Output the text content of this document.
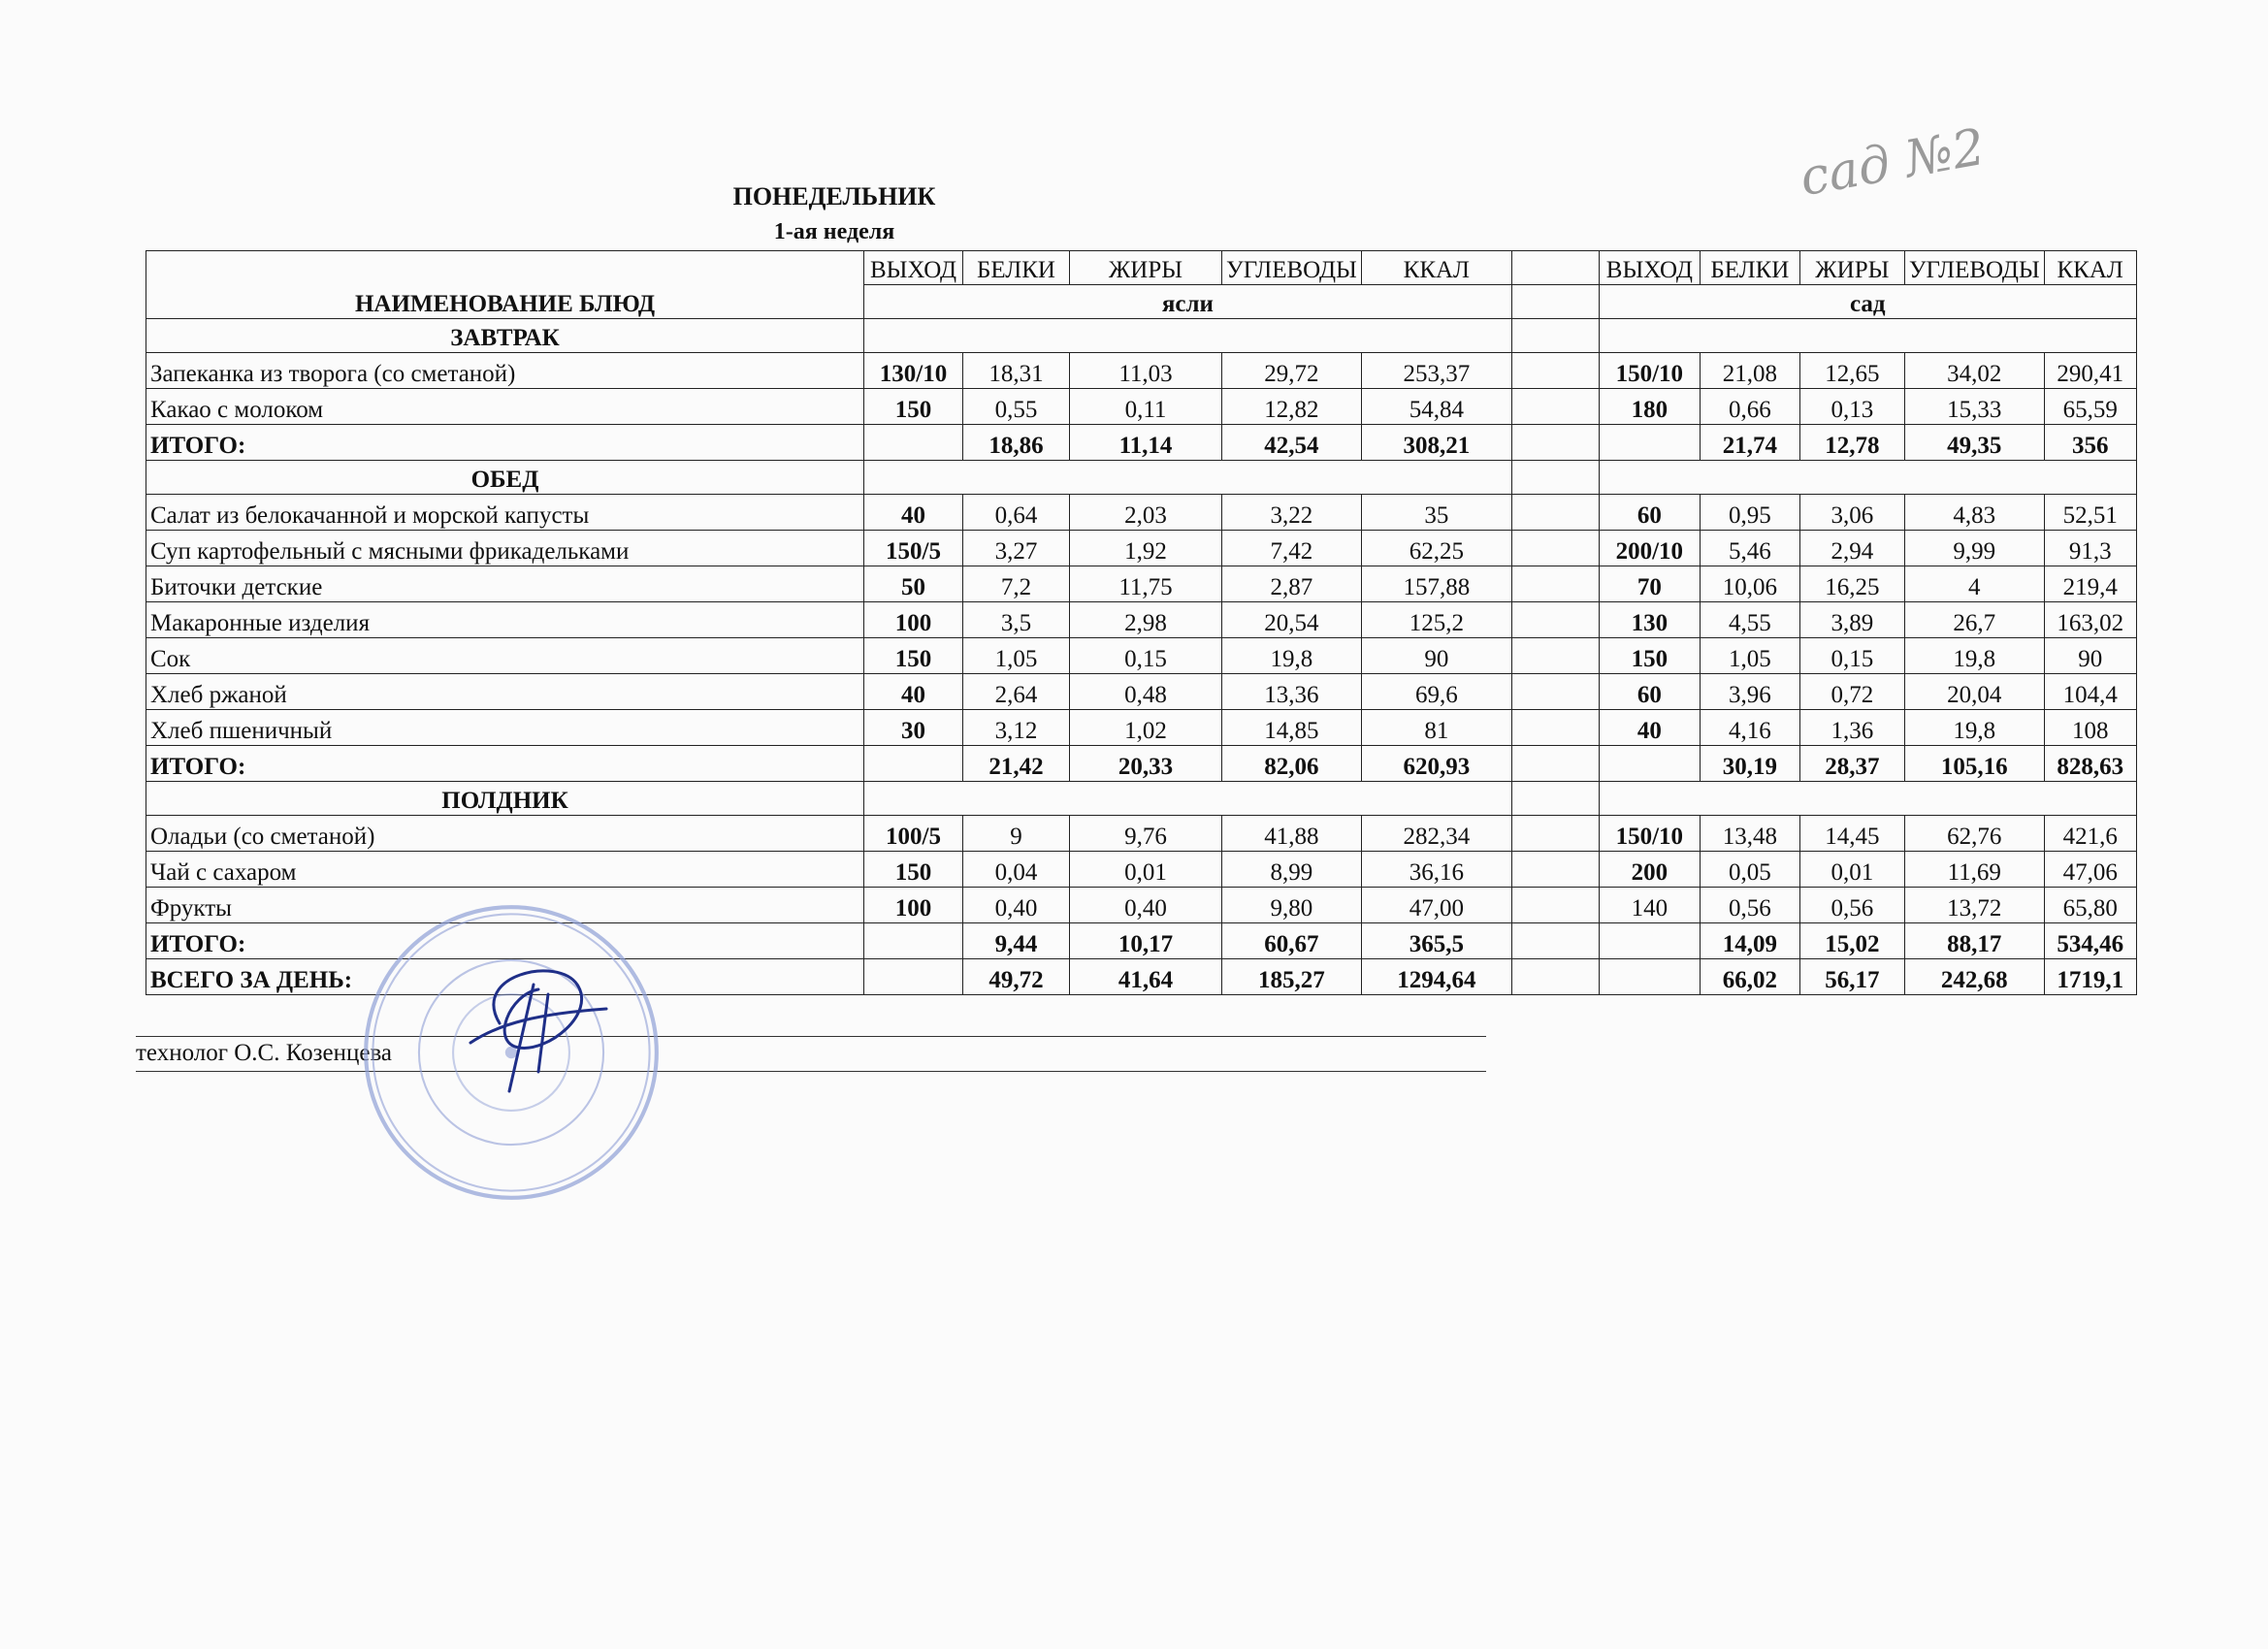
ПОНЕДЕЛЬНИК
1-ая неделя
сад №2
НАИМЕНОВАНИЕ БЛЮД	ВЫХОД	БЕЛКИ	ЖИРЫ	УГЛЕВОДЫ	ККАЛ		ВЫХОД	БЕЛКИ	ЖИРЫ	УГЛЕВОДЫ	ККАЛ
	ясли						сад				
ЗАВТРАК											
Запеканка из творога (со сметаной)	130/10	18,31	11,03	29,72	253,37		150/10	21,08	12,65	34,02	290,41
Какао с молоком	150	0,55	0,11	12,82	54,84		180	0,66	0,13	15,33	65,59
ИТОГО:		18,86	11,14	42,54	308,21			21,74	12,78	49,35	356
ОБЕД											
Салат из белокачанной и морской капусты	40	0,64	2,03	3,22	35		60	0,95	3,06	4,83	52,51
Суп картофельный с мясными фрикадельками	150/5	3,27	1,92	7,42	62,25		200/10	5,46	2,94	9,99	91,3
Биточки детские	50	7,2	11,75	2,87	157,88		70	10,06	16,25	4	219,4
Макаронные изделия	100	3,5	2,98	20,54	125,2		130	4,55	3,89	26,7	163,02
Сок	150	1,05	0,15	19,8	90		150	1,05	0,15	19,8	90
Хлеб ржаной	40	2,64	0,48	13,36	69,6		60	3,96	0,72	20,04	104,4
Хлеб пшеничный	30	3,12	1,02	14,85	81		40	4,16	1,36	19,8	108
ИТОГО:		21,42	20,33	82,06	620,93			30,19	28,37	105,16	828,63
ПОЛДНИК											
Оладьи (со сметаной)	100/5	9	9,76	41,88	282,34		150/10	13,48	14,45	62,76	421,6
Чай с сахаром	150	0,04	0,01	8,99	36,16		200	0,05	0,01	11,69	47,06
Фрукты	100	0,40	0,40	9,80	47,00		140	0,56	0,56	13,72	65,80
ИТОГО:		9,44	10,17	60,67	365,5			14,09	15,02	88,17	534,46
ВСЕГО ЗА ДЕНЬ:		49,72	41,64	185,27	1294,64			66,02	56,17	242,68	1719,1
технолог О.С. Козенцева
